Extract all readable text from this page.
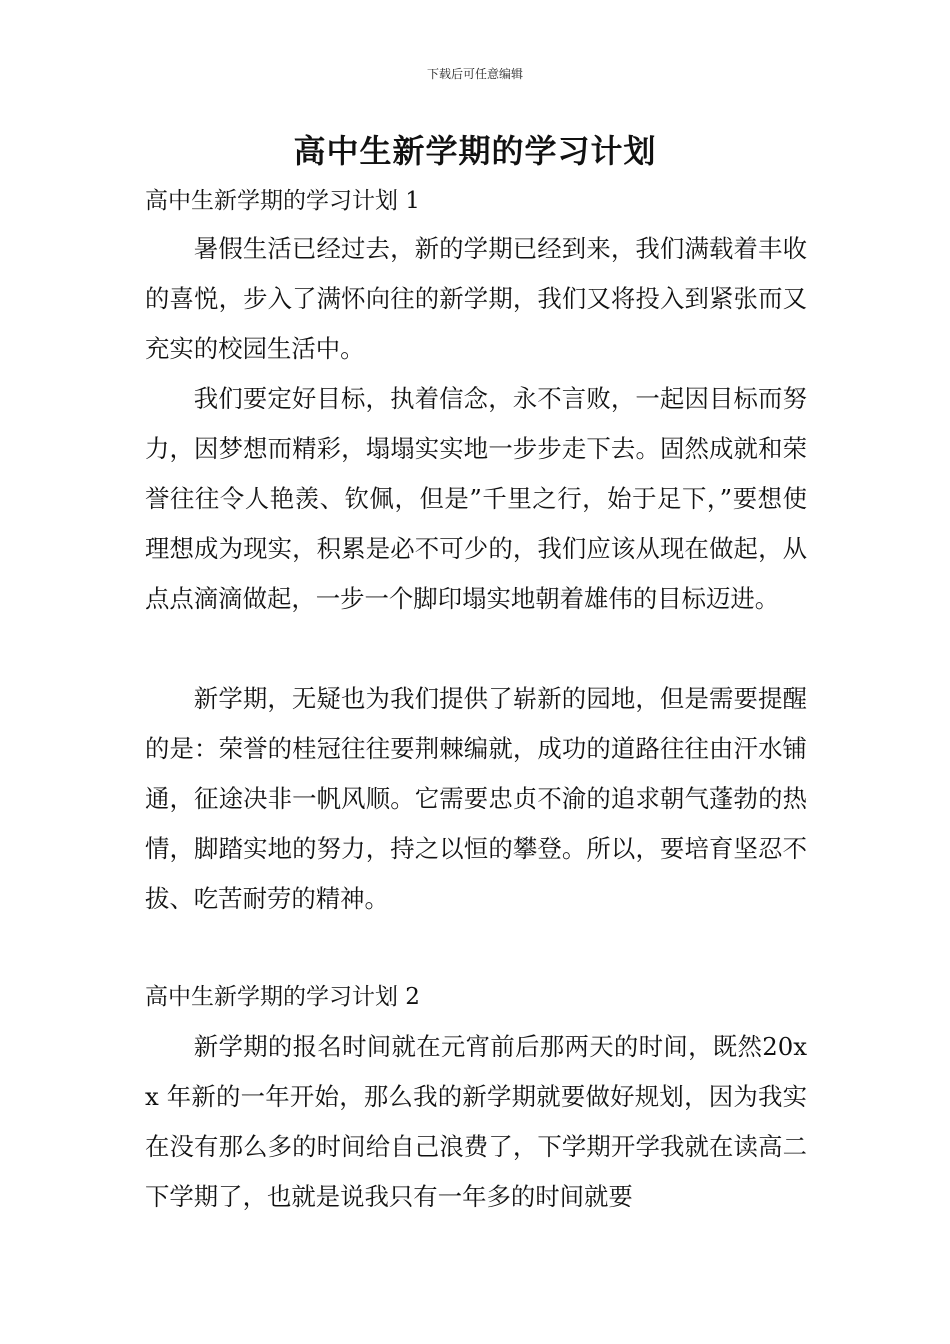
下载后可任意编辑
高中生新学期的学习计划
高中生新学期的学习计划 1

暑假生活已经过去，新的学期已经到来，我们满载着丰收的喜悦，步入了满怀向往的新学期，我们又将投入到紧张而又充实的校园生活中。

我们要定好目标，执着信念，永不言败，一起因目标而努力，因梦想而精彩，塌塌实实地一步步走下去。固然成就和荣誉往往令人艳羡、钦佩，但是”千里之行，始于足下，”要想使理想成为现实，积累是必不可少的，我们应该从现在做起，从点点滴滴做起，一步一个脚印塌实地朝着雄伟的目标迈进。

新学期，无疑也为我们提供了崭新的园地，但是需要提醒的是：荣誉的桂冠往往要荆棘编就，成功的道路往往由汗水铺通，征途决非一帆风顺。它需要忠贞不渝的追求朝气蓬勃的热情，脚踏实地的努力，持之以恒的攀登。所以，要培育坚忍不拔、吃苦耐劳的精神。

高中生新学期的学习计划 2

新学期的报名时间就在元宵前后那两天的时间，既然20xx 年新的一年开始，那么我的新学期就要做好规划，因为我实在没有那么多的时间给自己浪费了，下学期开学我就在读高二下学期了，也就是说我只有一年多的时间就要
